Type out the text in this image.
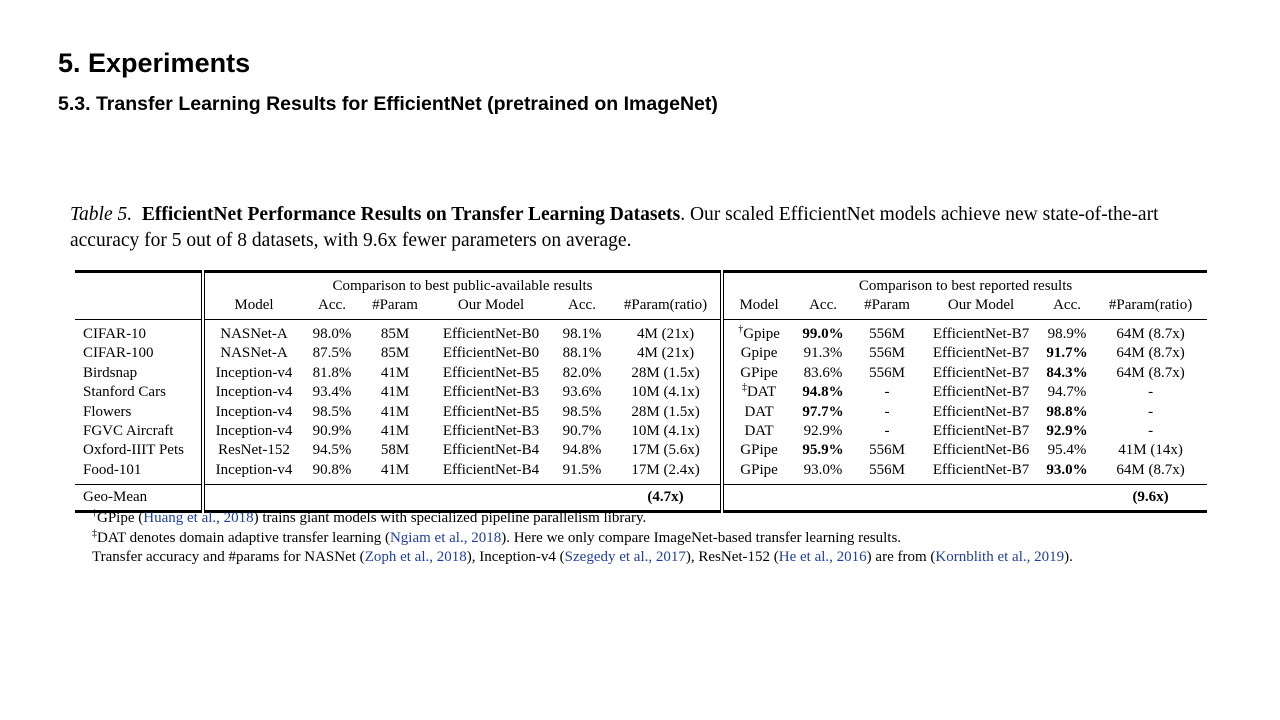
5. Experiments
5.3. Transfer Learning Results for EfficientNet (pretrained on ImageNet)
Table 5. EfficientNet Performance Results on Transfer Learning Datasets. Our scaled EfficientNet models achieve new state-of-the-art accuracy for 5 out of 8 datasets, with 9.6x fewer parameters on average.
	Comparison to best public-available results						Comparison to best reported results					
	Model	Acc.	#Param	Our Model	Acc.	#Param(ratio)	Model	Acc.	#Param	Our Model	Acc.	#Param(ratio)
CIFAR-10	NASNet-A	98.0%	85M	EfficientNet-B0	98.1%	4M (21x)	†Gpipe	99.0%	556M	EfficientNet-B7	98.9%	64M (8.7x)
CIFAR-100	NASNet-A	87.5%	85M	EfficientNet-B0	88.1%	4M (21x)	Gpipe	91.3%	556M	EfficientNet-B7	91.7%	64M (8.7x)
Birdsnap	Inception-v4	81.8%	41M	EfficientNet-B5	82.0%	28M (1.5x)	GPipe	83.6%	556M	EfficientNet-B7	84.3%	64M (8.7x)
Stanford Cars	Inception-v4	93.4%	41M	EfficientNet-B3	93.6%	10M (4.1x)	‡DAT	94.8%	-	EfficientNet-B7	94.7%	-
Flowers	Inception-v4	98.5%	41M	EfficientNet-B5	98.5%	28M (1.5x)	DAT	97.7%	-	EfficientNet-B7	98.8%	-
FGVC Aircraft	Inception-v4	90.9%	41M	EfficientNet-B3	90.7%	10M (4.1x)	DAT	92.9%	-	EfficientNet-B7	92.9%	-
Oxford-IIIT Pets	ResNet-152	94.5%	58M	EfficientNet-B4	94.8%	17M (5.6x)	GPipe	95.9%	556M	EfficientNet-B6	95.4%	41M (14x)
Food-101	Inception-v4	90.8%	41M	EfficientNet-B4	91.5%	17M (2.4x)	GPipe	93.0%	556M	EfficientNet-B7	93.0%	64M (8.7x)
Geo-Mean						(4.7x)						(9.6x)
†GPipe (Huang et al., 2018) trains giant models with specialized pipeline parallelism library.
‡DAT denotes domain adaptive transfer learning (Ngiam et al., 2018). Here we only compare ImageNet-based transfer learning results.
Transfer accuracy and #params for NASNet (Zoph et al., 2018), Inception-v4 (Szegedy et al., 2017), ResNet-152 (He et al., 2016) are from (Kornblith et al., 2019).
